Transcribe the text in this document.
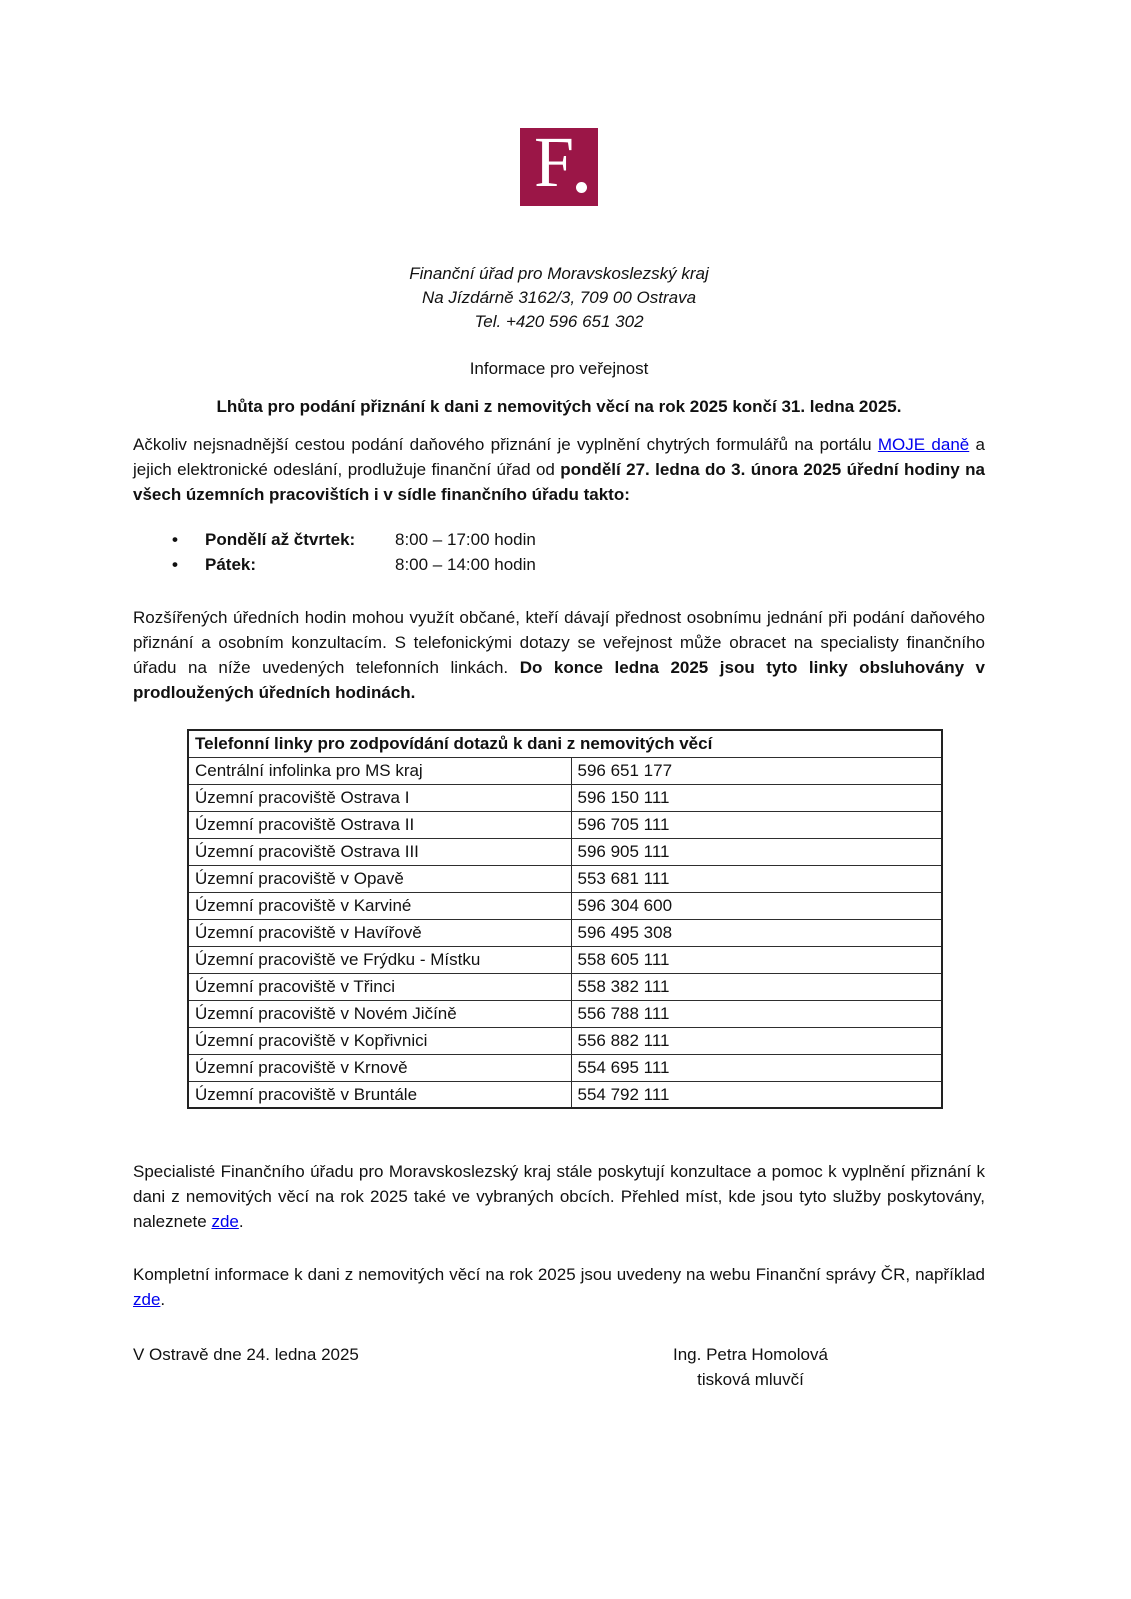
F
Finanční úřad pro Moravskoslezský kraj
Na Jízdárně 3162/3, 709 00 Ostrava
Tel. +420 596 651 302
Informace pro veřejnost
Lhůta pro podání přiznání k dani z nemovitých věcí na rok 2025 končí 31. ledna 2025.

Ačkoliv nejsnadnější cestou podání daňového přiznání je vyplnění chytrých formulářů na portálu MOJE daně a jejich elektronické odeslání, prodlužuje finanční úřad od pondělí 27. ledna do 3. února 2025 úřední hodiny na všech územních pracovištích i v sídle finančního úřadu takto:

•	Pondělí až čtvrtek:	8:00 – 17:00 hodin
•	Pátek:	8:00 – 14:00 hodin

Rozšířených úředních hodin mohou využít občané, kteří dávají přednost osobnímu jednání při podání daňového přiznání a osobním konzultacím. S telefonickými dotazy se veřejnost může obracet na specialisty finančního úřadu na níže uvedených telefonních linkách. Do konce ledna 2025 jsou tyto linky obsluhovány v prodloužených úředních hodinách.

Telefonní linky pro zodpovídání dotazů k dani z nemovitých věcí	
Centrální infolinka pro MS kraj	596 651 177
Územní pracoviště Ostrava I	596 150 111
Územní pracoviště Ostrava II	596 705 111
Územní pracoviště Ostrava III	596 905 111
Územní pracoviště v Opavě	553 681 111
Územní pracoviště v Karviné	596 304 600
Územní pracoviště v Havířově	596 495 308
Územní pracoviště ve Frýdku - Místku	558 605 111
Územní pracoviště v Třinci	558 382 111
Územní pracoviště v Novém Jičíně	556 788 111
Územní pracoviště v Kopřivnici	556 882 111
Územní pracoviště v Krnově	554 695 111
Územní pracoviště v Bruntále	554 792 111

Specialisté Finančního úřadu pro Moravskoslezský kraj stále poskytují konzultace a pomoc k vyplnění přiznání k dani z nemovitých věcí na rok 2025 také ve vybraných obcích. Přehled míst, kde jsou tyto služby poskytovány, naleznete zde.

Kompletní informace k dani z nemovitých věcí na rok 2025 jsou uvedeny na webu Finanční správy ČR, například zde.

V Ostravě dne 24. ledna 2025	Ing. Petra Homolová
tisková mluvčí
